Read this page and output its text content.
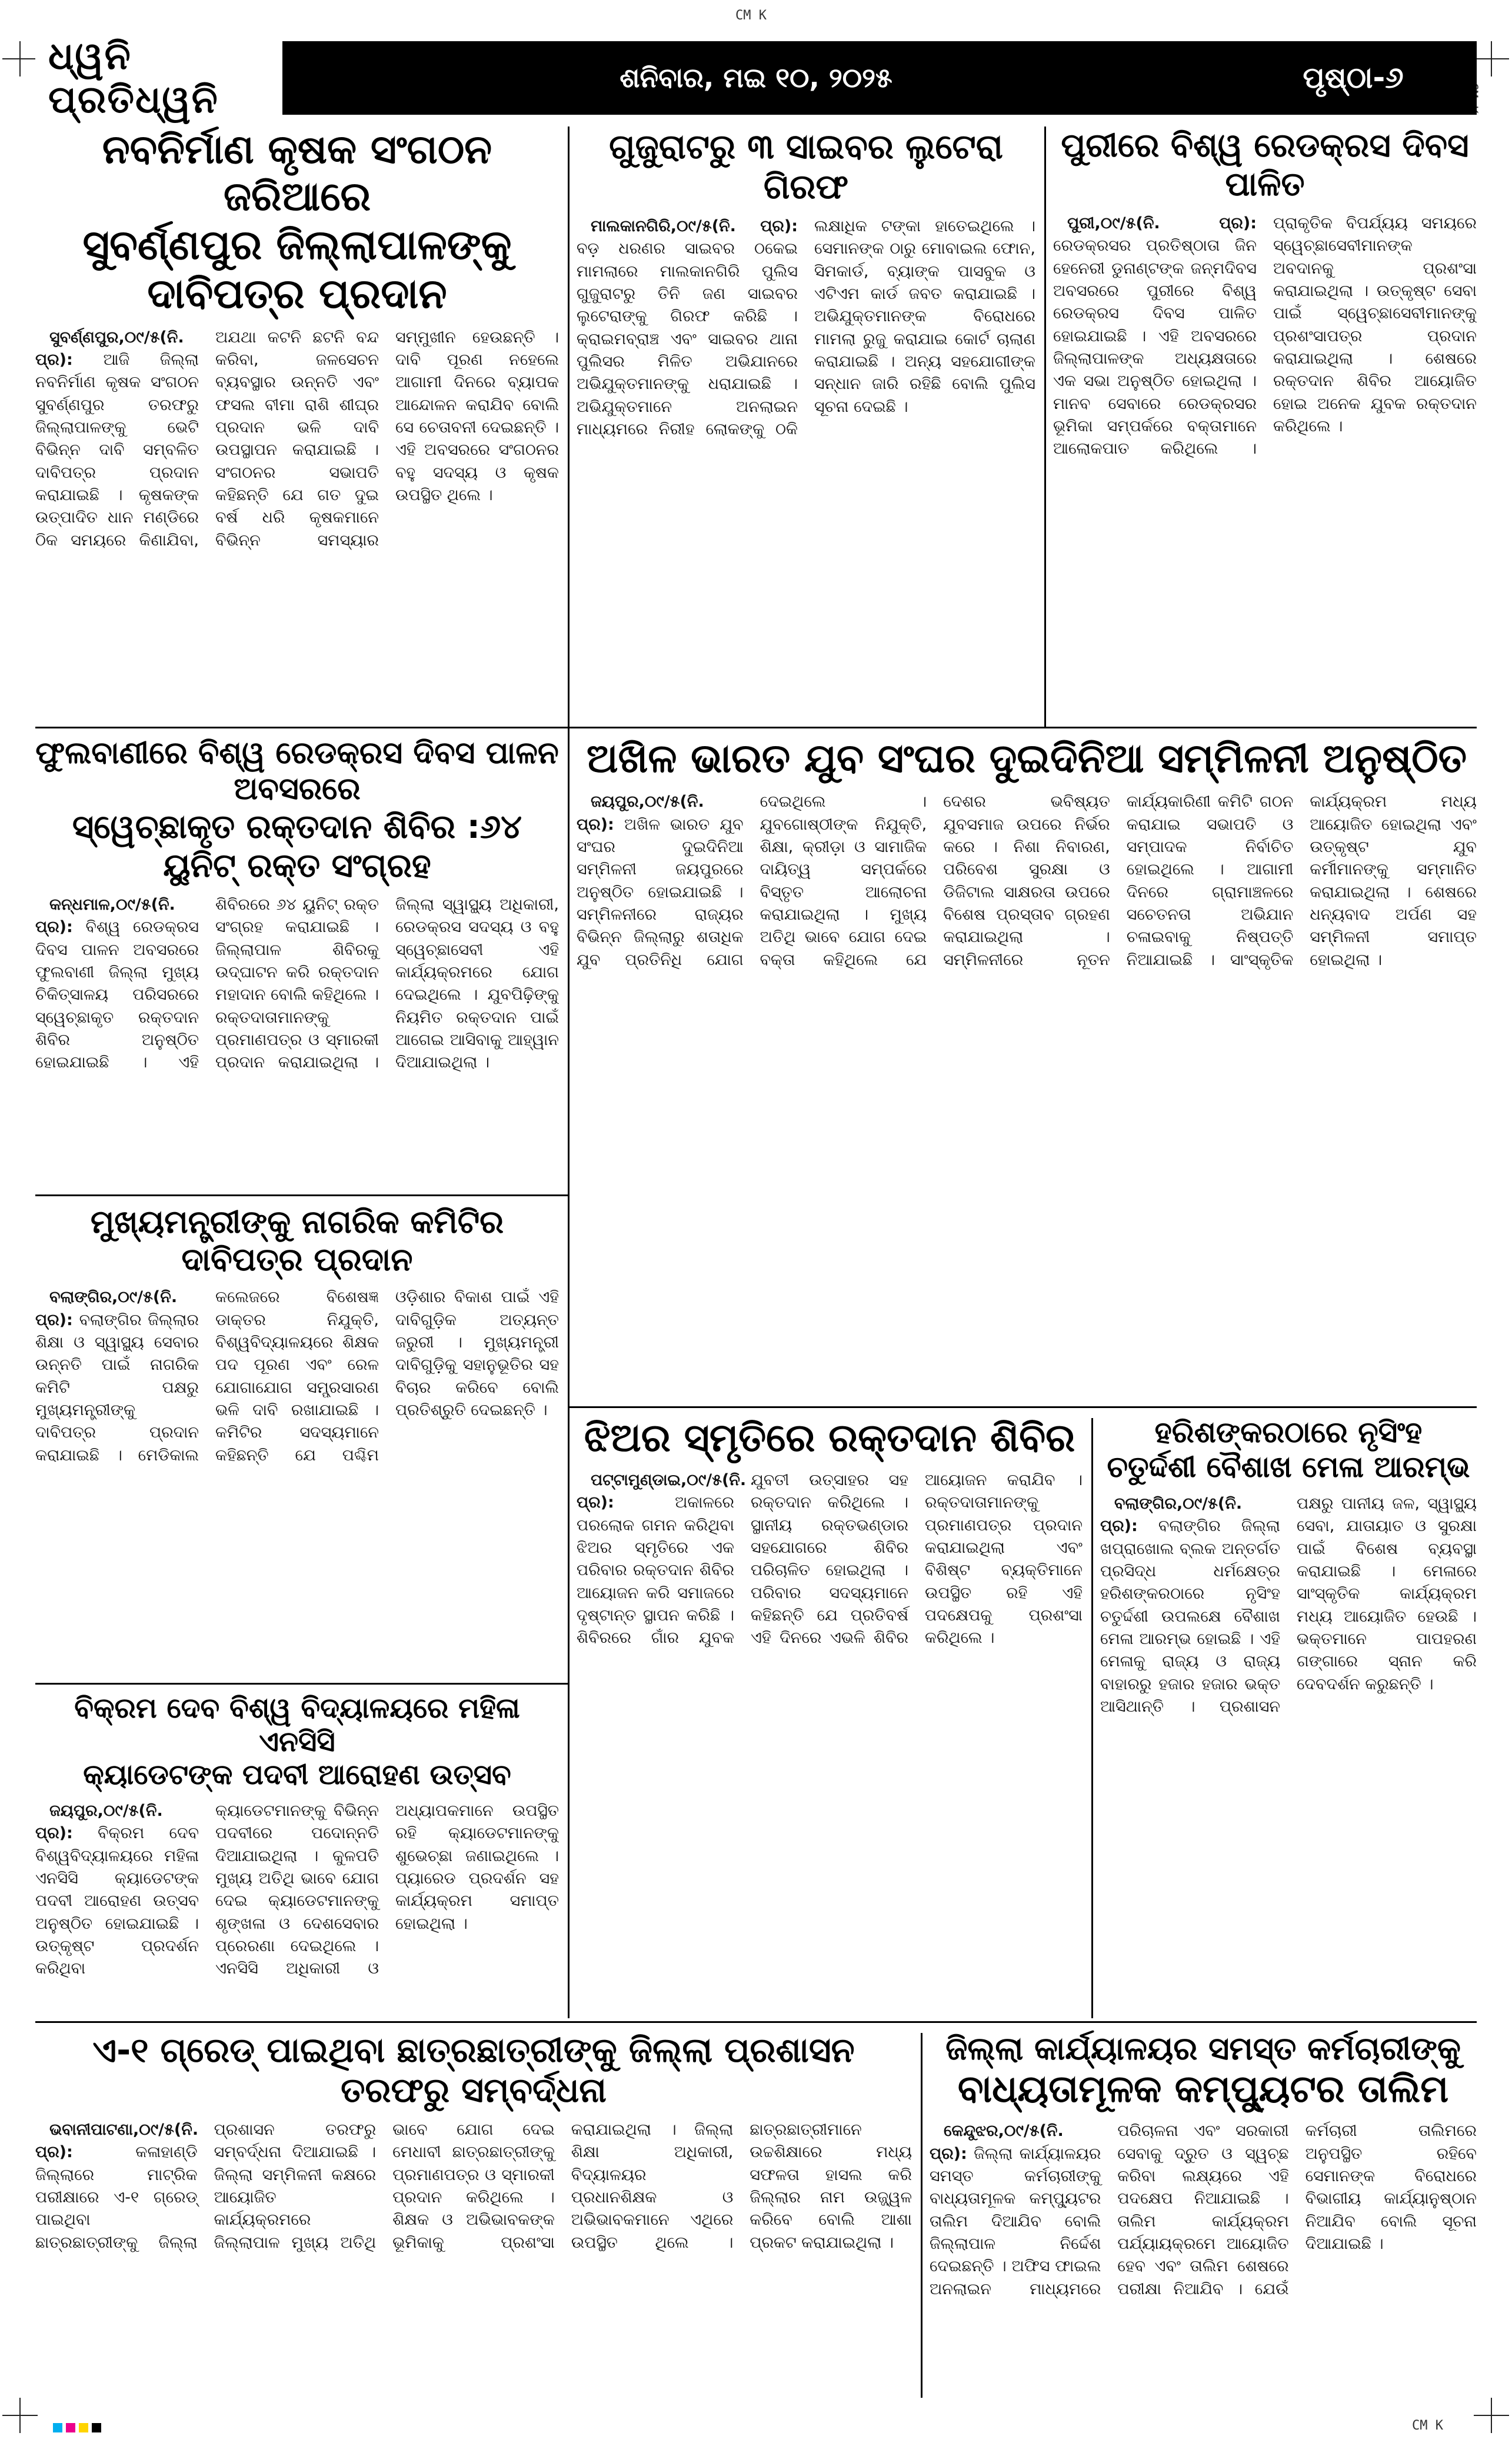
CM K
CM K
ଧ୍ୱନି ପ୍ରତିଧ୍ୱନି
ଶନିବାର, ମଇ ୧୦, ୨୦୨୫	ପୃଷ୍ଠା-୬
ନବନିର୍ମାଣ କୃଷକ ସଂଗଠନ ଜରିଆରେ
ସୁବର୍ଣ୍ଣପୁର ଜିଲ୍ଲାପାଳଙ୍କୁ ଦାବିପତ୍ର ପ୍ରଦାନ

ସୁବର୍ଣ୍ଣପୁର,୦୯/୫(ନି. ପ୍ର): ଆଜି ଜିଲ୍ଲା ନବନିର୍ମାଣ କୃଷକ ସଂଗଠନ ସୁବର୍ଣ୍ଣପୁର ତରଫରୁ ଜିଲ୍ଲାପାଳଙ୍କୁ ଭେଟି ବିଭିନ୍ନ ଦାବି ସମ୍ବଳିତ ଦାବିପତ୍ର ପ୍ରଦାନ କରାଯାଇଛି । କୃଷକଙ୍କ ଉତ୍ପାଦିତ ଧାନ ମଣ୍ଡିରେ ଠିକ ସମୟରେ କିଣାଯିବା, ଅଯଥା କଟନି ଛଟନି ବନ୍ଦ କରିବା, ଜଳସେଚନ ବ୍ୟବସ୍ଥାର ଉନ୍ନତି ଏବଂ ଫସଲ ବୀମା ରାଶି ଶୀଘ୍ର ପ୍ରଦାନ ଭଳି ଦାବି ଉପସ୍ଥାପନ କରାଯାଇଛି । ସଂଗଠନର ସଭାପତି କହିଛନ୍ତି ଯେ ଗତ ଦୁଇ ବର୍ଷ ଧରି କୃଷକମାନେ ବିଭିନ୍ନ ସମସ୍ୟାର ସମ୍ମୁଖୀନ ହେଉଛନ୍ତି । ଦାବି ପୂରଣ ନହେଲେ ଆଗାମୀ ଦିନରେ ବ୍ୟାପକ ଆନ୍ଦୋଳନ କରାଯିବ ବୋଲି ସେ ଚେତାବନୀ ଦେଇଛନ୍ତି । ଏହି ଅବସରରେ ସଂଗଠନର ବହୁ ସଦସ୍ୟ ଓ କୃଷକ ଉପସ୍ଥିତ ଥିଲେ ।

ଗୁଜୁରାଟରୁ ୩ ସାଇବର ଲୁଟେରା ଗିରଫ

ମାଲକାନଗିରି,୦୯/୫(ନି. ପ୍ର): ବଡ଼ ଧରଣର ସାଇବର ଠକେଇ ମାମଲାରେ ମାଲକାନଗିରି ପୁଲିସ ଗୁଜୁରାଟରୁ ତିନି ଜଣ ସାଇବର ଲୁଟେରାଙ୍କୁ ଗିରଫ କରିଛି । କ୍ରାଇମବ୍ରାଞ୍ଚ ଏବଂ ସାଇବର ଥାନା ପୁଲିସର ମିଳିତ ଅଭିଯାନରେ ଅଭିଯୁକ୍ତମାନଙ୍କୁ ଧରାଯାଇଛି । ଅଭିଯୁକ୍ତମାନେ ଅନଲାଇନ ମାଧ୍ୟମରେ ନିରୀହ ଲୋକଙ୍କୁ ଠକି ଲକ୍ଷାଧିକ ଟଙ୍କା ହାତେଇଥିଲେ । ସେମାନଙ୍କ ଠାରୁ ମୋବାଇଲ ଫୋନ, ସିମକାର୍ଡ, ବ୍ୟାଙ୍କ ପାସବୁକ ଓ ଏଟିଏମ କାର୍ଡ ଜବତ କରାଯାଇଛି । ଅଭିଯୁକ୍ତମାନଙ୍କ ବିରୋଧରେ ମାମଲା ରୁଜୁ କରାଯାଇ କୋର୍ଟ ଚାଲାଣ କରାଯାଇଛି । ଅନ୍ୟ ସହଯୋଗୀଙ୍କ ସନ୍ଧାନ ଜାରି ରହିଛି ବୋଲି ପୁଲିସ ସୂଚନା ଦେଇଛି ।

ପୁରୀରେ ବିଶ୍ୱ ରେଡକ୍ରସ ଦିବସ ପାଳିତ

ପୁରୀ,୦୯/୫(ନି. ପ୍ର): ରେଡକ୍ରସର ପ୍ରତିଷ୍ଠାତା ଜିନ ହେନେରୀ ଡୁନାଣ୍ଟଙ୍କ ଜନ୍ମଦିବସ ଅବସରରେ ପୁରୀରେ ବିଶ୍ୱ ରେଡକ୍ରସ ଦିବସ ପାଳିତ ହୋଇଯାଇଛି । ଏହି ଅବସରରେ ଜିଲ୍ଲାପାଳଙ୍କ ଅଧ୍ୟକ୍ଷତାରେ ଏକ ସଭା ଅନୁଷ୍ଠିତ ହୋଇଥିଲା । ମାନବ ସେବାରେ ରେଡକ୍ରସର ଭୂମିକା ସମ୍ପର୍କରେ ବକ୍ତାମାନେ ଆଲୋକପାତ କରିଥିଲେ । ପ୍ରାକୃତିକ ବିପର୍ଯ୍ୟୟ ସମୟରେ ସ୍ୱେଚ୍ଛାସେବୀମାନଙ୍କ ଅବଦାନକୁ ପ୍ରଶଂସା କରାଯାଇଥିଲା । ଉତ୍କୃଷ୍ଟ ସେବା ପାଇଁ ସ୍ୱେଚ୍ଛାସେବୀମାନଙ୍କୁ ପ୍ରଶଂସାପତ୍ର ପ୍ରଦାନ କରାଯାଇଥିଲା । ଶେଷରେ ରକ୍ତଦାନ ଶିବିର ଆୟୋଜିତ ହୋଇ ଅନେକ ଯୁବକ ରକ୍ତଦାନ କରିଥିଲେ ।

ଫୁଲବାଣୀରେ ବିଶ୍ୱ ରେଡକ୍ରସ ଦିବସ ପାଳନ ଅବସରରେ
ସ୍ୱେଚ୍ଛାକୃତ ରକ୍ତଦାନ ଶିବିର :୬୪ ୟୁନିଟ୍ ରକ୍ତ ସଂଗ୍ରହ

କନ୍ଧମାଳ,୦୯/୫(ନି. ପ୍ର): ବିଶ୍ୱ ରେଡକ୍ରସ ଦିବସ ପାଳନ ଅବସରରେ ଫୁଲବାଣୀ ଜିଲ୍ଲା ମୁଖ୍ୟ ଚିକିତ୍ସାଳୟ ପରିସରରେ ସ୍ୱେଚ୍ଛାକୃତ ରକ୍ତଦାନ ଶିବିର ଅନୁଷ୍ଠିତ ହୋଇଯାଇଛି । ଏହି ଶିବିରରେ ୬୪ ୟୁନିଟ୍ ରକ୍ତ ସଂଗ୍ରହ କରାଯାଇଛି । ଜିଲ୍ଲାପାଳ ଶିବିରକୁ ଉଦ୍‌ଘାଟନ କରି ରକ୍ତଦାନ ମହାଦାନ ବୋଲି କହିଥିଲେ । ରକ୍ତଦାତାମାନଙ୍କୁ ପ୍ରମାଣପତ୍ର ଓ ସ୍ମାରକୀ ପ୍ରଦାନ କରାଯାଇଥିଲା । ଜିଲ୍ଲା ସ୍ୱାସ୍ଥ୍ୟ ଅଧିକାରୀ, ରେଡକ୍ରସ ସଦସ୍ୟ ଓ ବହୁ ସ୍ୱେଚ୍ଛାସେବୀ ଏହି କାର୍ଯ୍ୟକ୍ରମରେ ଯୋଗ ଦେଇଥିଲେ । ଯୁବପିଢ଼ିଙ୍କୁ ନିୟମିତ ରକ୍ତଦାନ ପାଇଁ ଆଗେଇ ଆସିବାକୁ ଆହ୍ୱାନ ଦିଆଯାଇଥିଲା ।

ମୁଖ୍ୟମନ୍ତ୍ରୀଙ୍କୁ ନାଗରିକ କମିଟିର ଦାବିପତ୍ର ପ୍ରଦାନ

ବଲାଙ୍ଗିର,୦୯/୫(ନି. ପ୍ର): ବଲାଙ୍ଗିର ଜିଲ୍ଲାର ଶିକ୍ଷା ଓ ସ୍ୱାସ୍ଥ୍ୟ ସେବାର ଉନ୍ନତି ପାଇଁ ନାଗରିକ କମିଟି ପକ୍ଷରୁ ମୁଖ୍ୟମନ୍ତ୍ରୀଙ୍କୁ ଦାବିପତ୍ର ପ୍ରଦାନ କରାଯାଇଛି । ମେଡିକାଲ କଲେଜରେ ବିଶେଷଜ୍ଞ ଡାକ୍ତର ନିଯୁକ୍ତି, ବିଶ୍ୱବିଦ୍ୟାଳୟରେ ଶିକ୍ଷକ ପଦ ପୂରଣ ଏବଂ ରେଳ ଯୋଗାଯୋଗ ସମ୍ପ୍ରସାରଣ ଭଳି ଦାବି ରଖାଯାଇଛି । କମିଟିର ସଦସ୍ୟମାନେ କହିଛନ୍ତି ଯେ ପଶ୍ଚିମ ଓଡ଼ିଶାର ବିକାଶ ପାଇଁ ଏହି ଦାବିଗୁଡ଼ିକ ଅତ୍ୟନ୍ତ ଜରୁରୀ । ମୁଖ୍ୟମନ୍ତ୍ରୀ ଦାବିଗୁଡ଼ିକୁ ସହାନୁଭୂତିର ସହ ବିଚାର କରିବେ ବୋଲି ପ୍ରତିଶ୍ରୁତି ଦେଇଛନ୍ତି ।

ଅଖିଳ ଭାରତ ଯୁବ ସଂଘର ଦୁଇଦିନିଆ ସମ୍ମିଳନୀ ଅନୁଷ୍ଠିତ

ଜୟପୁର,୦୯/୫(ନି. ପ୍ର): ଅଖିଳ ଭାରତ ଯୁବ ସଂଘର ଦୁଇଦିନିଆ ସମ୍ମିଳନୀ ଜୟପୁରରେ ଅନୁଷ୍ଠିତ ହୋଇଯାଇଛି । ସମ୍ମିଳନୀରେ ରାଜ୍ୟର ବିଭିନ୍ନ ଜିଲ୍ଲାରୁ ଶତାଧିକ ଯୁବ ପ୍ରତିନିଧି ଯୋଗ ଦେଇଥିଲେ । ଯୁବଗୋଷ୍ଠୀଙ୍କ ନିଯୁକ୍ତି, ଶିକ୍ଷା, କ୍ରୀଡ଼ା ଓ ସାମାଜିକ ଦାୟିତ୍ୱ ସମ୍ପର୍କରେ ବିସ୍ତୃତ ଆଲୋଚନା କରାଯାଇଥିଲା । ମୁଖ୍ୟ ଅତିଥି ଭାବେ ଯୋଗ ଦେଇ ବକ୍ତା କହିଥିଲେ ଯେ ଦେଶର ଭବିଷ୍ୟତ ଯୁବସମାଜ ଉପରେ ନିର୍ଭର କରେ । ନିଶା ନିବାରଣ, ପରିବେଶ ସୁରକ୍ଷା ଓ ଡିଜିଟାଲ ସାକ୍ଷରତା ଉପରେ ବିଶେଷ ପ୍ରସ୍ତାବ ଗ୍ରହଣ କରାଯାଇଥିଲା । ସମ୍ମିଳନୀରେ ନୂତନ କାର୍ଯ୍ୟକାରିଣୀ କମିଟି ଗଠନ କରାଯାଇ ସଭାପତି ଓ ସମ୍ପାଦକ ନିର୍ବାଚିତ ହୋଇଥିଲେ । ଆଗାମୀ ଦିନରେ ଗ୍ରାମାଞ୍ଚଳରେ ସଚେତନତା ଅଭିଯାନ ଚଳାଇବାକୁ ନିଷ୍ପତ୍ତି ନିଆଯାଇଛି । ସାଂସ୍କୃତିକ କାର୍ଯ୍ୟକ୍ରମ ମଧ୍ୟ ଆୟୋଜିତ ହୋଇଥିଲା ଏବଂ ଉତ୍କୃଷ୍ଟ ଯୁବ କର୍ମୀମାନଙ୍କୁ ସମ୍ମାନିତ କରାଯାଇଥିଲା । ଶେଷରେ ଧନ୍ୟବାଦ ଅର୍ପଣ ସହ ସମ୍ମିଳନୀ ସମାପ୍ତ ହୋଇଥିଲା ।

ଝିଅର ସ୍ମୃତିରେ ରକ୍ତଦାନ ଶିବିର

ପଟ୍ଟାମୁଣ୍ଡାଇ,୦୯/୫(ନି. ପ୍ର):	ଅକାଳରେ ପରଲୋକ ଗମନ କରିଥିବା ଝିଅର ସ୍ମୃତିରେ ଏକ ପରିବାର ରକ୍ତଦାନ ଶିବିର ଆୟୋଜନ କରି ସମାଜରେ ଦୃଷ୍ଟାନ୍ତ ସ୍ଥାପନ କରିଛି । ଶିବିରରେ ଗାଁର ଯୁବକ ଯୁବତୀ ଉତ୍ସାହର ସହ ରକ୍ତଦାନ କରିଥିଲେ । ସ୍ଥାନୀୟ ରକ୍ତଭଣ୍ଡାର ସହଯୋଗରେ ଶିବିର ପରିଚାଳିତ ହୋଇଥିଲା । ପରିବାର ସଦସ୍ୟମାନେ କହିଛନ୍ତି ଯେ ପ୍ରତିବର୍ଷ ଏହି ଦିନରେ ଏଭଳି ଶିବିର ଆୟୋଜନ କରାଯିବ । ରକ୍ତଦାତାମାନଙ୍କୁ ପ୍ରମାଣପତ୍ର ପ୍ରଦାନ କରାଯାଇଥିଲା ଏବଂ ବିଶିଷ୍ଟ ବ୍ୟକ୍ତିମାନେ ଉପସ୍ଥିତ ରହି ଏହି ପଦକ୍ଷେପକୁ ପ୍ରଶଂସା କରିଥିଲେ ।

ହରିଶଙ୍କରଠାରେ ନୃସିଂହ
ଚତୁର୍ଦ୍ଦଶୀ ବୈଶାଖ ମେଳା ଆରମ୍ଭ

ବଲାଙ୍ଗିର,୦୯/୫(ନି. ପ୍ର): ବଲାଙ୍ଗିର ଜିଲ୍ଲା ଖପ୍ରାଖୋଲ ବ୍ଲକ ଅନ୍ତର୍ଗତ ପ୍ରସିଦ୍ଧ ଧର୍ମକ୍ଷେତ୍ର ହରିଶଙ୍କରଠାରେ ନୃସିଂହ ଚତୁର୍ଦ୍ଦଶୀ ଉପଲକ୍ଷେ ବୈଶାଖ ମେଳା ଆରମ୍ଭ ହୋଇଛି । ଏହି ମେଳାକୁ ରାଜ୍ୟ ଓ ରାଜ୍ୟ ବାହାରରୁ ହଜାର ହଜାର ଭକ୍ତ ଆସିଥାନ୍ତି । ପ୍ରଶାସନ ପକ୍ଷରୁ ପାନୀୟ ଜଳ, ସ୍ୱାସ୍ଥ୍ୟ ସେବା, ଯାତାୟାତ ଓ ସୁରକ୍ଷା ପାଇଁ ବିଶେଷ ବ୍ୟବସ୍ଥା କରାଯାଇଛି । ମେଳାରେ ସାଂସ୍କୃତିକ କାର୍ଯ୍ୟକ୍ରମ ମଧ୍ୟ ଆୟୋଜିତ ହେଉଛି । ଭକ୍ତମାନେ ପାପହରଣ ଗଙ୍ଗାରେ ସ୍ନାନ କରି ଦେବଦର୍ଶନ କରୁଛନ୍ତି ।

ବିକ୍ରମ ଦେବ ବିଶ୍ୱ ବିଦ୍ୟାଳୟରେ ମହିଳା ଏନସିସି
କ୍ୟାଡେଟଙ୍କ ପଦବୀ ଆରୋହଣ ଉତ୍ସବ

ଜୟପୁର,୦୯/୫(ନି. ପ୍ର): ବିକ୍ରମ ଦେବ ବିଶ୍ୱବିଦ୍ୟାଳୟରେ ମହିଳା ଏନସିସି କ୍ୟାଡେଟଙ୍କ ପଦବୀ ଆରୋହଣ ଉତ୍ସବ ଅନୁଷ୍ଠିତ ହୋଇଯାଇଛି । ଉତ୍କୃଷ୍ଟ ପ୍ରଦର୍ଶନ କରିଥିବା କ୍ୟାଡେଟମାନଙ୍କୁ ବିଭିନ୍ନ ପଦବୀରେ ପଦୋନ୍ନତି ଦିଆଯାଇଥିଲା । କୁଳପତି ମୁଖ୍ୟ ଅତିଥି ଭାବେ ଯୋଗ ଦେଇ କ୍ୟାଡେଟମାନଙ୍କୁ ଶୃଙ୍ଖଳା ଓ ଦେଶସେବାର ପ୍ରେରଣା ଦେଇଥିଲେ । ଏନସିସି ଅଧିକାରୀ ଓ ଅଧ୍ୟାପକମାନେ ଉପସ୍ଥିତ ରହି କ୍ୟାଡେଟମାନଙ୍କୁ ଶୁଭେଚ୍ଛା ଜଣାଇଥିଲେ । ପ୍ୟାରେଡ ପ୍ରଦର୍ଶନ ସହ କାର୍ଯ୍ୟକ୍ରମ ସମାପ୍ତ ହୋଇଥିଲା ।

ଏ-୧ ଗ୍ରେଡ୍ ପାଇଥିବା ଛାତ୍ରଛାତ୍ରୀଙ୍କୁ ଜିଲ୍ଲା ପ୍ରଶାସନ ତରଫରୁ ସମ୍ବର୍ଦ୍ଧନା

ଭବାନୀପାଟଣା,୦୯/୫(ନି. ପ୍ର):	କଳାହାଣ୍ଡି ଜିଲ୍ଲାରେ ମାଟ୍ରିକ ପରୀକ୍ଷାରେ ଏ-୧ ଗ୍ରେଡ୍ ପାଇଥିବା ଛାତ୍ରଛାତ୍ରୀଙ୍କୁ ଜିଲ୍ଲା ପ୍ରଶାସନ ତରଫରୁ ସମ୍ବର୍ଦ୍ଧନା ଦିଆଯାଇଛି । ଜିଲ୍ଲା ସମ୍ମିଳନୀ କକ୍ଷରେ ଆୟୋଜିତ କାର୍ଯ୍ୟକ୍ରମରେ ଜିଲ୍ଲାପାଳ ମୁଖ୍ୟ ଅତିଥି ଭାବେ ଯୋଗ ଦେଇ ମେଧାବୀ ଛାତ୍ରଛାତ୍ରୀଙ୍କୁ ପ୍ରମାଣପତ୍ର ଓ ସ୍ମାରକୀ ପ୍ରଦାନ କରିଥିଲେ । ଶିକ୍ଷକ ଓ ଅଭିଭାବକଙ୍କ ଭୂମିକାକୁ ପ୍ରଶଂସା କରାଯାଇଥିଲା । ଜିଲ୍ଲା ଶିକ୍ଷା ଅଧିକାରୀ, ବିଦ୍ୟାଳୟର ପ୍ରଧାନଶିକ୍ଷକ ଓ ଅଭିଭାବକମାନେ ଏଥିରେ ଉପସ୍ଥିତ ଥିଲେ । ଛାତ୍ରଛାତ୍ରୀମାନେ ଉଚ୍ଚଶିକ୍ଷାରେ ମଧ୍ୟ ସଫଳତା ହାସଲ କରି ଜିଲ୍ଲାର ନାମ ଉଜ୍ଜ୍ୱଳ କରିବେ ବୋଲି ଆଶା ପ୍ରକଟ କରାଯାଇଥିଲା ।

ଜିଲ୍ଲା କାର୍ଯ୍ୟାଳୟର ସମସ୍ତ କର୍ମଚାରୀଙ୍କୁ
ବାଧ୍ୟତାମୂଳକ କମ୍ପ୍ୟୁଟର ତାଲିମ

କେନ୍ଦୁଝର,୦୯/୫(ନି. ପ୍ର): ଜିଲ୍ଲା କାର୍ଯ୍ୟାଳୟର ସମସ୍ତ କର୍ମଚାରୀଙ୍କୁ ବାଧ୍ୟତାମୂଳକ କମ୍ପ୍ୟୁଟର ତାଲିମ ଦିଆଯିବ ବୋଲି ଜିଲ୍ଲାପାଳ ନିର୍ଦ୍ଦେଶ ଦେଇଛନ୍ତି । ଅଫିସ ଫାଇଲ ଅନଲାଇନ ମାଧ୍ୟମରେ ପରିଚାଳନା ଏବଂ ସରକାରୀ ସେବାକୁ ଦ୍ରୁତ ଓ ସ୍ୱଚ୍ଛ କରିବା ଲକ୍ଷ୍ୟରେ ଏହି ପଦକ୍ଷେପ ନିଆଯାଇଛି । ତାଲିମ କାର୍ଯ୍ୟକ୍ରମ ପର୍ଯ୍ୟାୟକ୍ରମେ ଆୟୋଜିତ ହେବ ଏବଂ ତାଲିମ ଶେଷରେ ପରୀକ୍ଷା ନିଆଯିବ । ଯେଉଁ କର୍ମଚାରୀ ତାଲିମରେ ଅନୁପସ୍ଥିତ ରହିବେ ସେମାନଙ୍କ ବିରୋଧରେ ବିଭାଗୀୟ କାର୍ଯ୍ୟାନୁଷ୍ଠାନ ନିଆଯିବ ବୋଲି ସୂଚନା ଦିଆଯାଇଛି ।
